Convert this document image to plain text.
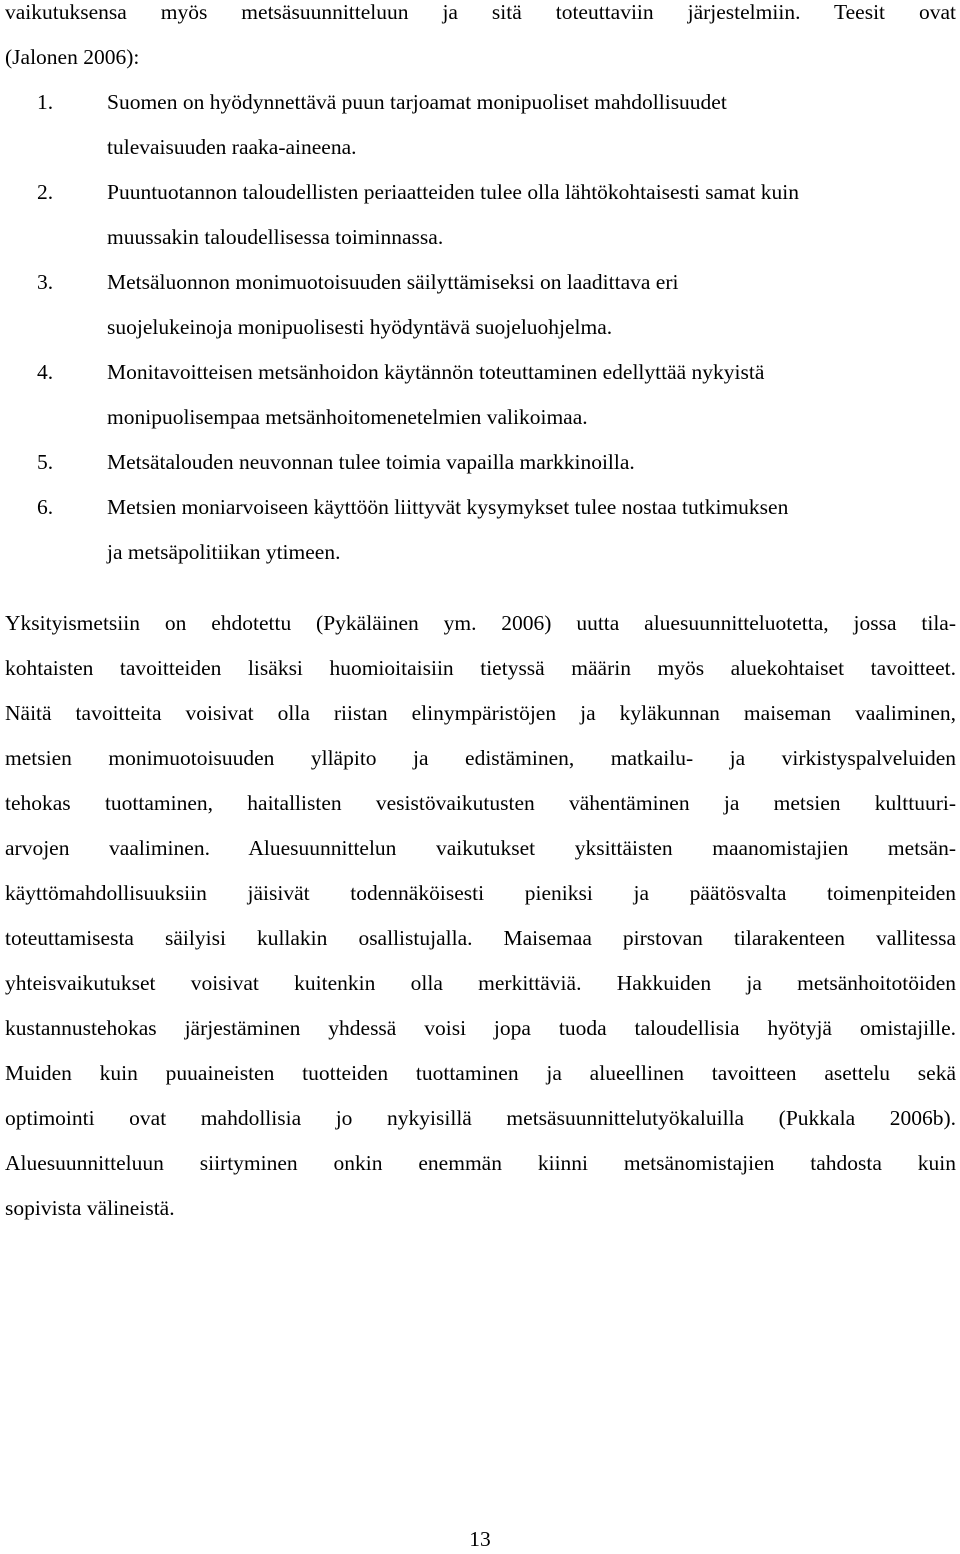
vaikutuksensa myös metsäsuunnitteluun ja sitä toteuttaviin järjestelmiin. Teesit ovat
(Jalonen 2006):
1.	Suomen on hyödynnettävä puun tarjoamat monipuoliset mahdollisuudet
tulevaisuuden raaka-aineena.
2.	Puuntuotannon taloudellisten periaatteiden tulee olla lähtökohtaisesti samat kuin
muussakin taloudellisessa toiminnassa.
3.	Metsäluonnon monimuotoisuuden säilyttämiseksi on laadittava eri
suojelukeinoja monipuolisesti hyödyntävä suojeluohjelma.
4.	Monitavoitteisen metsänhoidon käytännön toteuttaminen edellyttää nykyistä
monipuolisempaa metsänhoitomenetelmien valikoimaa.
5.	Metsätalouden neuvonnan tulee toimia vapailla markkinoilla.
6.	Metsien moniarvoiseen käyttöön liittyvät kysymykset tulee nostaa tutkimuksen
ja metsäpolitiikan ytimeen.
Yksityismetsiin on ehdotettu (Pykäläinen ym. 2006) uutta aluesuunnitteluotetta, jossa tila-
kohtaisten tavoitteiden lisäksi huomioitaisiin tietyssä määrin myös aluekohtaiset tavoitteet.
Näitä tavoitteita voisivat olla riistan elinympäristöjen ja kyläkunnan maiseman vaaliminen,
metsien monimuotoisuuden ylläpito ja edistäminen, matkailu- ja virkistyspalveluiden
tehokas tuottaminen, haitallisten vesistövaikutusten vähentäminen ja metsien kulttuuri-
arvojen vaaliminen. Aluesuunnittelun vaikutukset yksittäisten maanomistajien metsän-
käyttömahdollisuuksiin jäisivät todennäköisesti pieniksi ja päätösvalta toimenpiteiden
toteuttamisesta säilyisi kullakin osallistujalla. Maisemaa pirstovan tilarakenteen vallitessa
yhteisvaikutukset voisivat kuitenkin olla merkittäviä. Hakkuiden ja metsänhoitotöiden
kustannustehokas järjestäminen yhdessä voisi jopa tuoda taloudellisia hyötyjä omistajille.
Muiden kuin puuaineisten tuotteiden tuottaminen ja alueellinen tavoitteen asettelu sekä
optimointi ovat mahdollisia jo nykyisillä metsäsuunnittelutyökaluilla (Pukkala 2006b).
Aluesuunnitteluun siirtyminen onkin enemmän kiinni metsänomistajien tahdosta kuin
sopivista välineistä.
13
